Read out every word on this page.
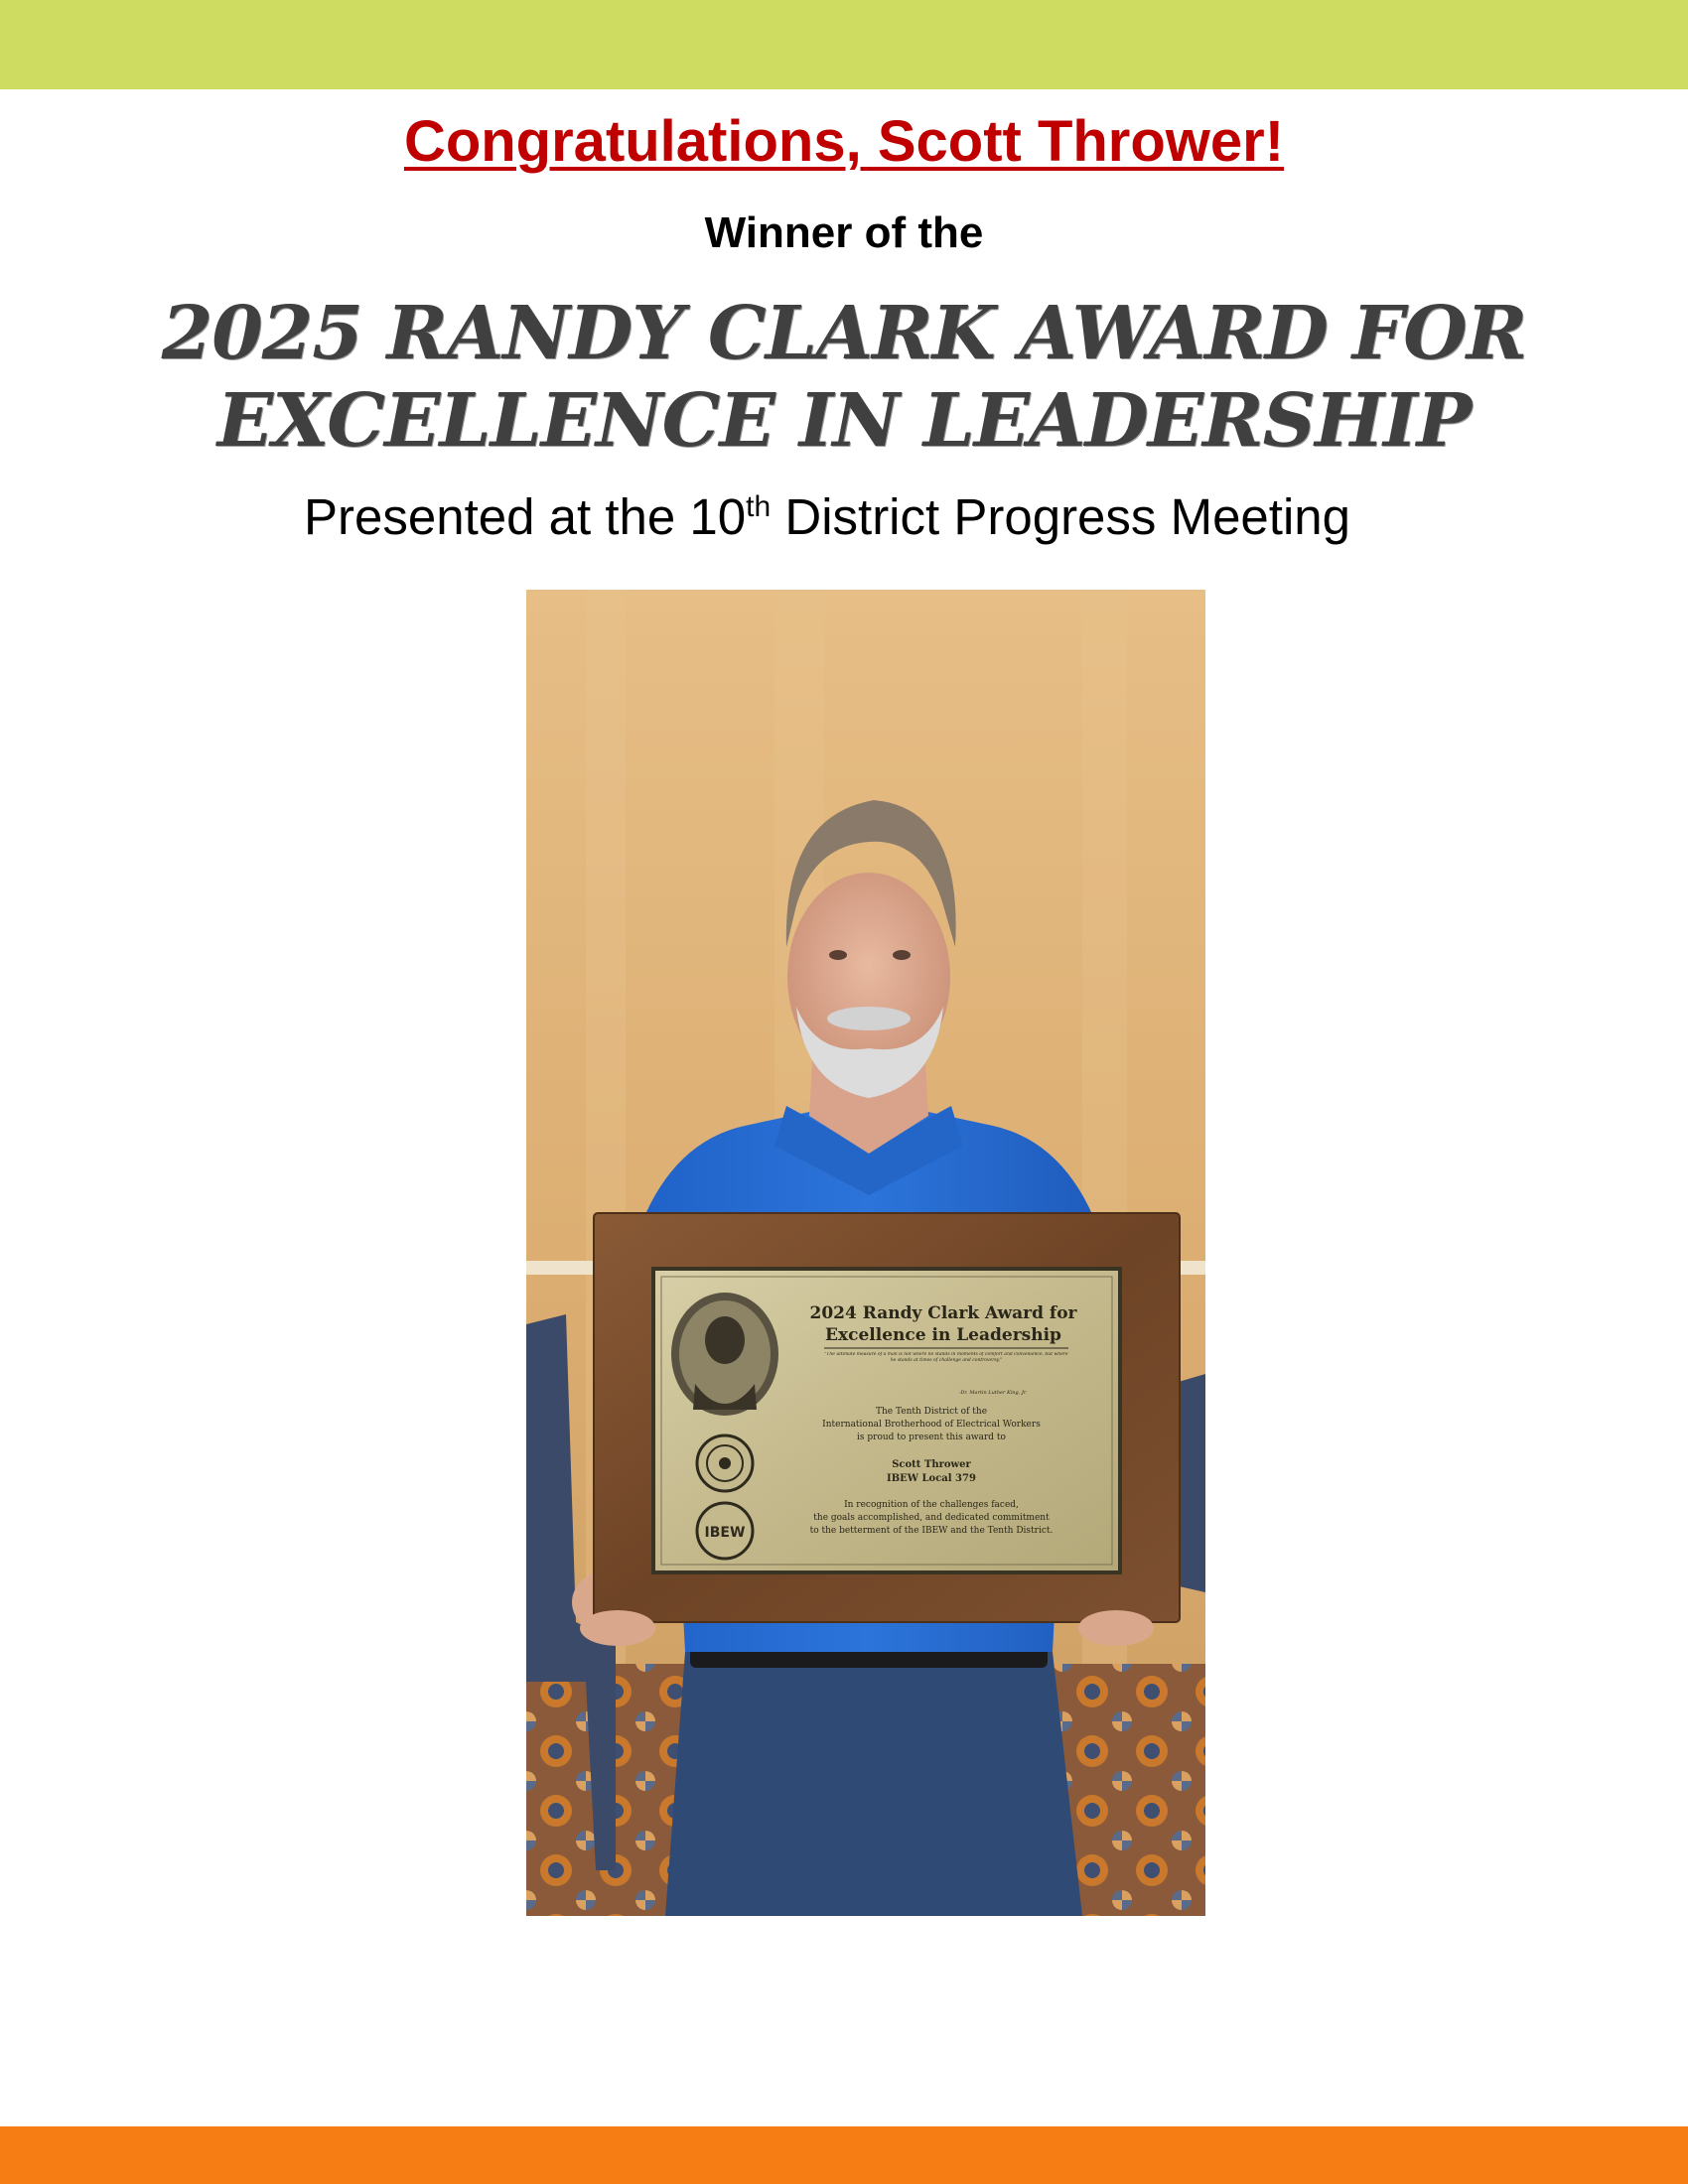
Congratulations, Scott Thrower!
Winner of the
2025 RANDY CLARK AWARD FOR
EXCELLENCE IN LEADERSHIP
Presented at the 10th District Progress Meeting
IBEW
2024 Randy Clark Award for
Excellence in Leadership
"The ultimate measure of a man is not where he stands in moments of comfort and convenience, but where he stands at times of challenge and controversy."
-Dr. Martin Luther King, Jr.
The Tenth District of the
International Brotherhood of Electrical Workers
is proud to present this award to
Scott Thrower
IBEW Local 379
In recognition of the challenges faced,
the goals accomplished, and dedicated commitment
to the betterment of the IBEW and the Tenth District.
